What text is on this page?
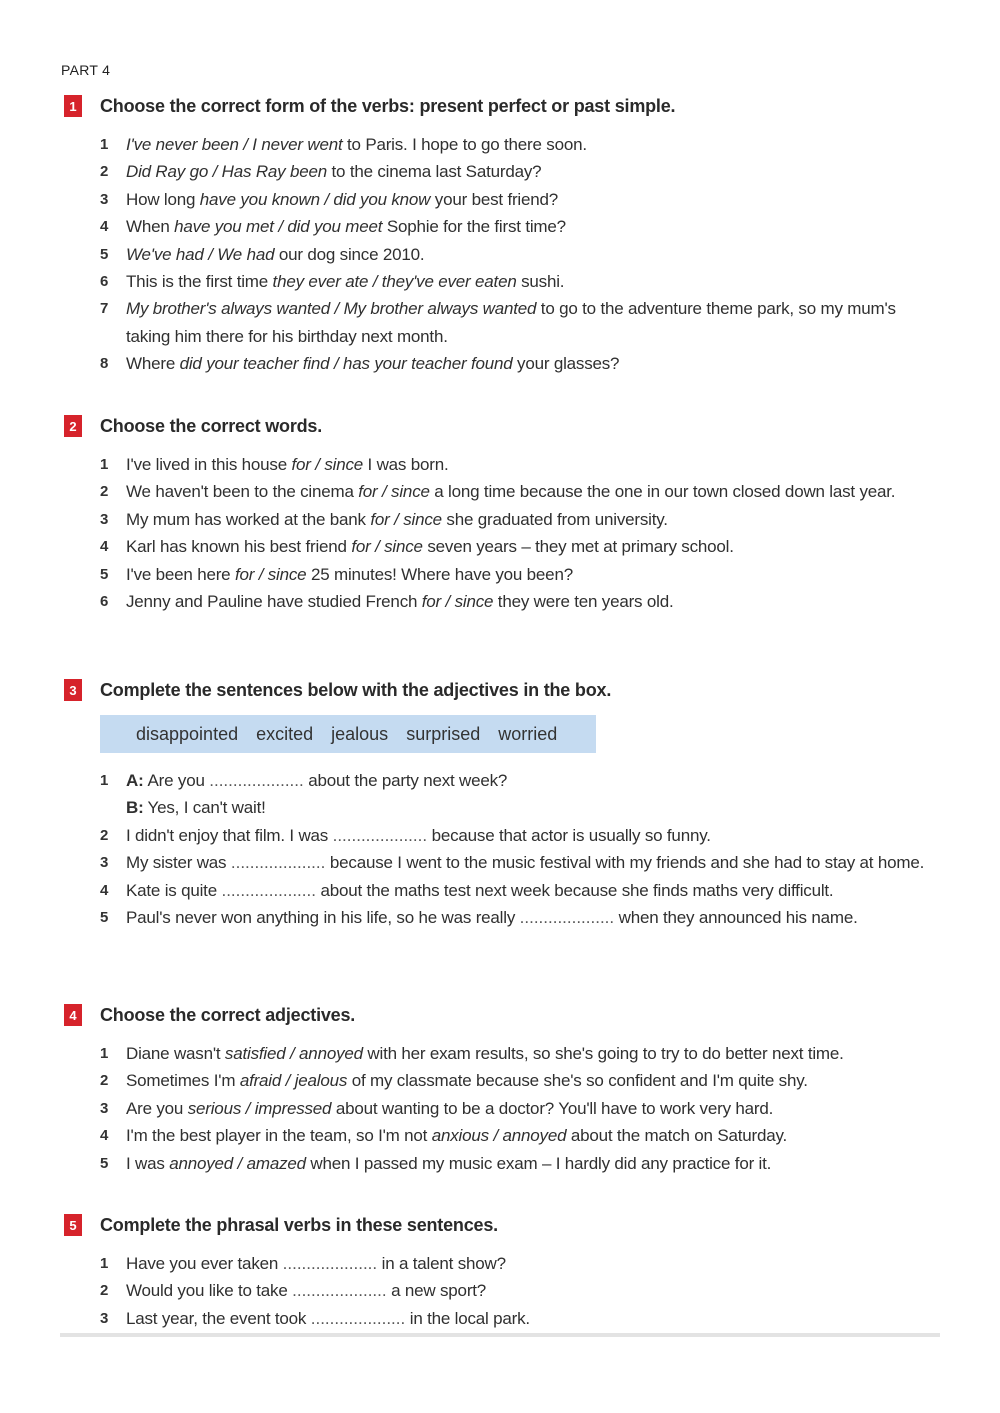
PART 4
1 Choose the correct form of the verbs: present perfect or past simple.
1 I've never been / I never went to Paris. I hope to go there soon.
2 Did Ray go / Has Ray been to the cinema last Saturday?
3 How long have you known / did you know your best friend?
4 When have you met / did you meet Sophie for the first time?
5 We've had / We had our dog since 2010.
6 This is the first time they ever ate / they've ever eaten sushi.
7 My brother's always wanted / My brother always wanted to go to the adventure theme park, so my mum's taking him there for his birthday next month.
8 Where did your teacher find / has your teacher found your glasses?
2 Choose the correct words.
1 I've lived in this house for / since I was born.
2 We haven't been to the cinema for / since a long time because the one in our town closed down last year.
3 My mum has worked at the bank for / since she graduated from university.
4 Karl has known his best friend for / since seven years – they met at primary school.
5 I've been here for / since 25 minutes! Where have you been?
6 Jenny and Pauline have studied French for / since they were ten years old.
3 Complete the sentences below with the adjectives in the box.
disappointed excited jealous surprised worried
1 A: Are you .................... about the party next week?
B: Yes, I can't wait!
2 I didn't enjoy that film. I was .................... because that actor is usually so funny.
3 My sister was .................... because I went to the music festival with my friends and she had to stay at home.
4 Kate is quite .................... about the maths test next week because she finds maths very difficult.
5 Paul's never won anything in his life, so he was really .................... when they announced his name.
4 Choose the correct adjectives.
1 Diane wasn't satisfied / annoyed with her exam results, so she's going to try to do better next time.
2 Sometimes I'm afraid / jealous of my classmate because she's so confident and I'm quite shy.
3 Are you serious / impressed about wanting to be a doctor? You'll have to work very hard.
4 I'm the best player in the team, so I'm not anxious / annoyed about the match on Saturday.
5 I was annoyed / amazed when I passed my music exam – I hardly did any practice for it.
5 Complete the phrasal verbs in these sentences.
1 Have you ever taken .................... in a talent show?
2 Would you like to take .................... a new sport?
3 Last year, the event took .................... in the local park.
